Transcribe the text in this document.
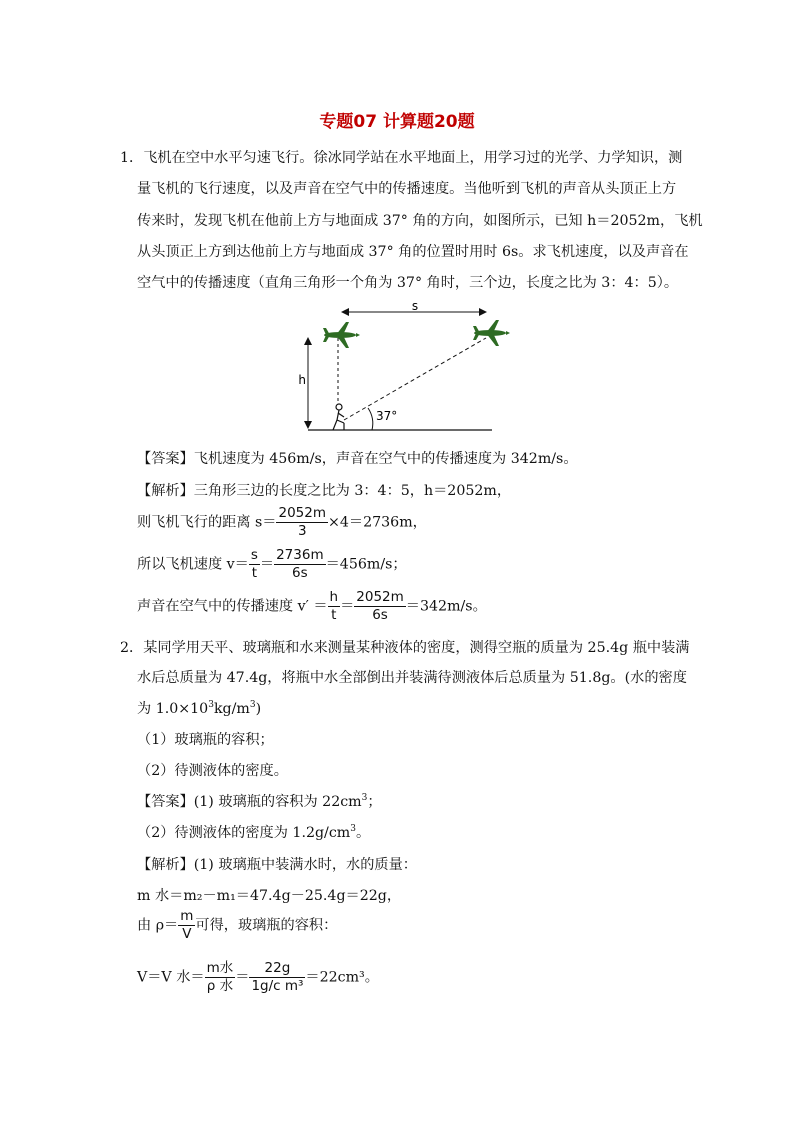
专题07 计算题20题
1．飞机在空中水平匀速飞行。徐冰同学站在水平地面上，用学习过的光学、力学知识，测
量飞机的飞行速度，以及声音在空气中的传播速度。当他听到飞机的声音从头顶正上方
传来时，发现飞机在他前上方与地面成 37° 角的方向，如图所示，已知 h＝2052m，飞机
从头顶正上方到达他前上方与地面成 37° 角的位置时用时 6s。求飞机速度，以及声音在
空气中的传播速度（直角三角形一个角为 37° 角时，三个边，长度之比为 3：4：5）。
s
h
37°
【答案】飞机速度为 456m/s，声音在空气中的传播速度为 342m/s。
【解析】三角形三边的长度之比为 3：4：5，h＝2052m，
则飞机飞行的距离 $s= \frac{2052m}{3} \times 4=2736m$，
所以飞机速度 $v= \frac{s}{t} = \frac{2736m}{6s} =456m/s$；
声音在空气中的传播速度 $v' = \frac{h}{t} = \frac{2052m}{6s} =342m/s$。
2．某同学用天平、玻璃瓶和水来测量某种液体的密度，测得空瓶的质量为 25.4g 瓶中装满
水后总质量为 47.4g，将瓶中水全部倒出并装满待测液体后总质量为 51.8g。(水的密度
为 $1.0\times 10^3kg/m^3$)
（1）玻璃瓶的容积；
（2）待测液体的密度。
【答案】(1) 玻璃瓶的容积为 $22cm^3$；
（2）待测液体的密度为 $1.2g/cm^3$。
【解析】(1) 玻璃瓶中装满水时，水的质量：
m 水＝m₂－m₁＝47.4g－25.4g＝22g，
由 $\rho= \frac{m}{V}$ 可得，玻璃瓶的容积：
V＝V 水＝ $\frac{\text{m水}}{\text{ρ 水}} = \frac{22g}{\text{1g/c m³}} =22cm^3$。
